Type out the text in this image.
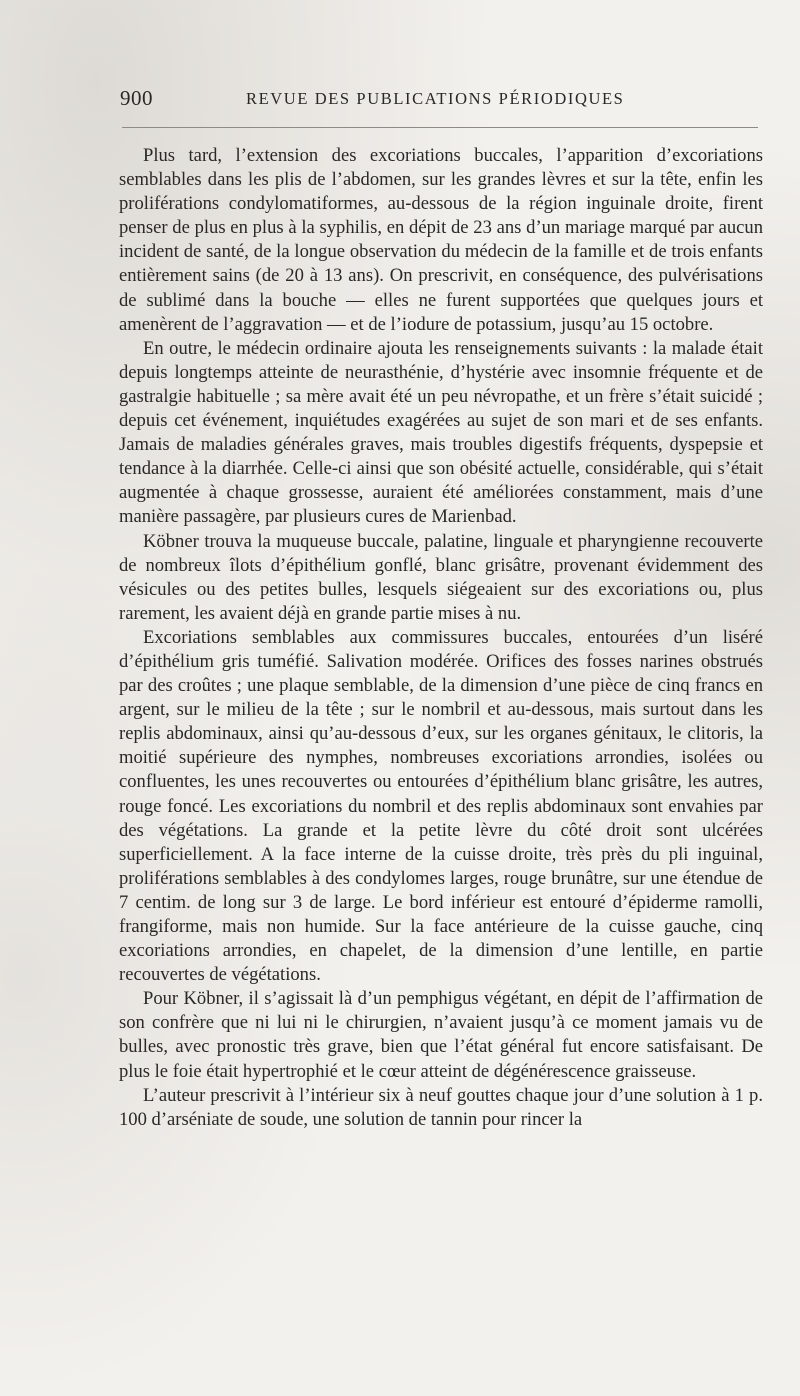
900	REVUE DES PUBLICATIONS PÉRIODIQUES

Plus tard, l’extension des excoriations buccales, l’apparition d’excoriations semblables dans les plis de l’abdomen, sur les grandes lèvres et sur la tête, enfin les proliférations condylomatiformes, au-dessous de la région inguinale droite, firent penser de plus en plus à la syphilis, en dépit de 23 ans d’un mariage marqué par aucun incident de santé, de la longue observation du médecin de la famille et de trois enfants entièrement sains (de 20 à 13 ans). On prescrivit, en conséquence, des pulvérisations de sublimé dans la bouche — elles ne furent supportées que quelques jours et amenèrent de l’aggravation — et de l’iodure de potassium, jusqu’au 15 octobre.

En outre, le médecin ordinaire ajouta les renseignements suivants : la malade était depuis longtemps atteinte de neurasthénie, d’hystérie avec insomnie fréquente et de gastralgie habituelle ; sa mère avait été un peu névropathe, et un frère s’était suicidé ; depuis cet événement, inquiétudes exagérées au sujet de son mari et de ses enfants. Jamais de maladies générales graves, mais troubles digestifs fréquents, dyspepsie et tendance à la diarrhée. Celle-ci ainsi que son obésité actuelle, considérable, qui s’était augmentée à chaque grossesse, auraient été améliorées constamment, mais d’une manière passagère, par plusieurs cures de Marienbad.

Köbner trouva la muqueuse buccale, palatine, linguale et pharyngienne recouverte de nombreux îlots d’épithélium gonflé, blanc grisâtre, provenant évidemment des vésicules ou des petites bulles, lesquels siégeaient sur des excoriations ou, plus rarement, les avaient déjà en grande partie mises à nu.

Excoriations semblables aux commissures buccales, entourées d’un liséré d’épithélium gris tuméfié. Salivation modérée. Orifices des fosses narines obstrués par des croûtes ; une plaque semblable, de la dimension d’une pièce de cinq francs en argent, sur le milieu de la tête ; sur le nombril et au-dessous, mais surtout dans les replis abdominaux, ainsi qu’au-dessous d’eux, sur les organes génitaux, le clitoris, la moitié supérieure des nymphes, nombreuses excoriations arrondies, isolées ou confluentes, les unes recouvertes ou entourées d’épithélium blanc grisâtre, les autres, rouge foncé. Les excoriations du nombril et des replis abdominaux sont envahies par des végétations. La grande et la petite lèvre du côté droit sont ulcérées superficiellement. A la face interne de la cuisse droite, très près du pli inguinal, proliférations semblables à des condylomes larges, rouge brunâtre, sur une étendue de 7 centim. de long sur 3 de large. Le bord inférieur est entouré d’épiderme ramolli, frangiforme, mais non humide. Sur la face antérieure de la cuisse gauche, cinq excoriations arrondies, en chapelet, de la dimension d’une lentille, en partie recouvertes de végétations.

Pour Köbner, il s’agissait là d’un pemphigus végétant, en dépit de l’affirmation de son confrère que ni lui ni le chirurgien, n’avaient jusqu’à ce moment jamais vu de bulles, avec pronostic très grave, bien que l’état général fut encore satisfaisant. De plus le foie était hypertrophié et le cœur atteint de dégénérescence graisseuse.

L’auteur prescrivit à l’intérieur six à neuf gouttes chaque jour d’une solution à 1 p. 100 d’arséniate de soude, une solution de tannin pour rincer la
